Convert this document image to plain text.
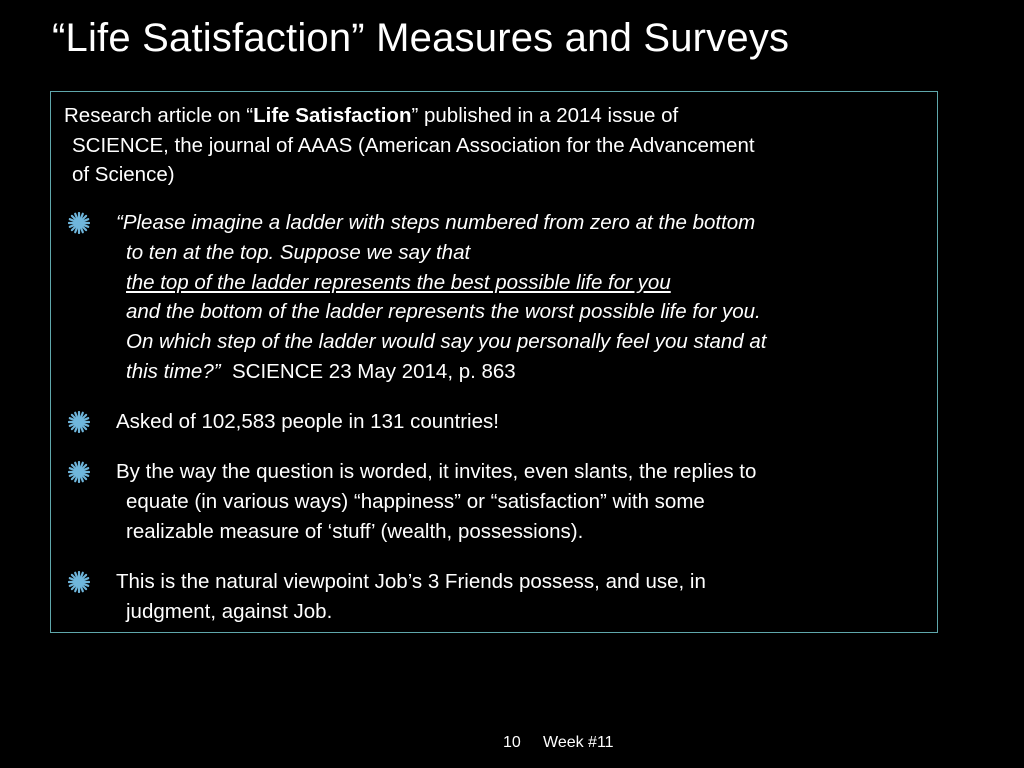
“Life Satisfaction” Measures and Surveys
Research article on “Life Satisfaction” published in a 2014 issue of
SCIENCE, the journal of AAAS (American Association for the Advancement
of Science)
“Please imagine a ladder with steps numbered from zero at the bottom
to ten at the top. Suppose we say that
the top of the ladder represents the best possible life for you
and the bottom of the ladder represents the worst possible life for you.
On which step of the ladder would say you personally feel you stand at
this time?” SCIENCE 23 May 2014, p. 863
Asked of 102,583 people in 131 countries!
By the way the question is worded, it invites, even slants, the replies to
equate (in various ways) “happiness” or “satisfaction” with some
realizable measure of ‘stuff’ (wealth, possessions).
This is the natural viewpoint Job’s 3 Friends possess, and use, in
judgment, against Job.
10 Week #11
